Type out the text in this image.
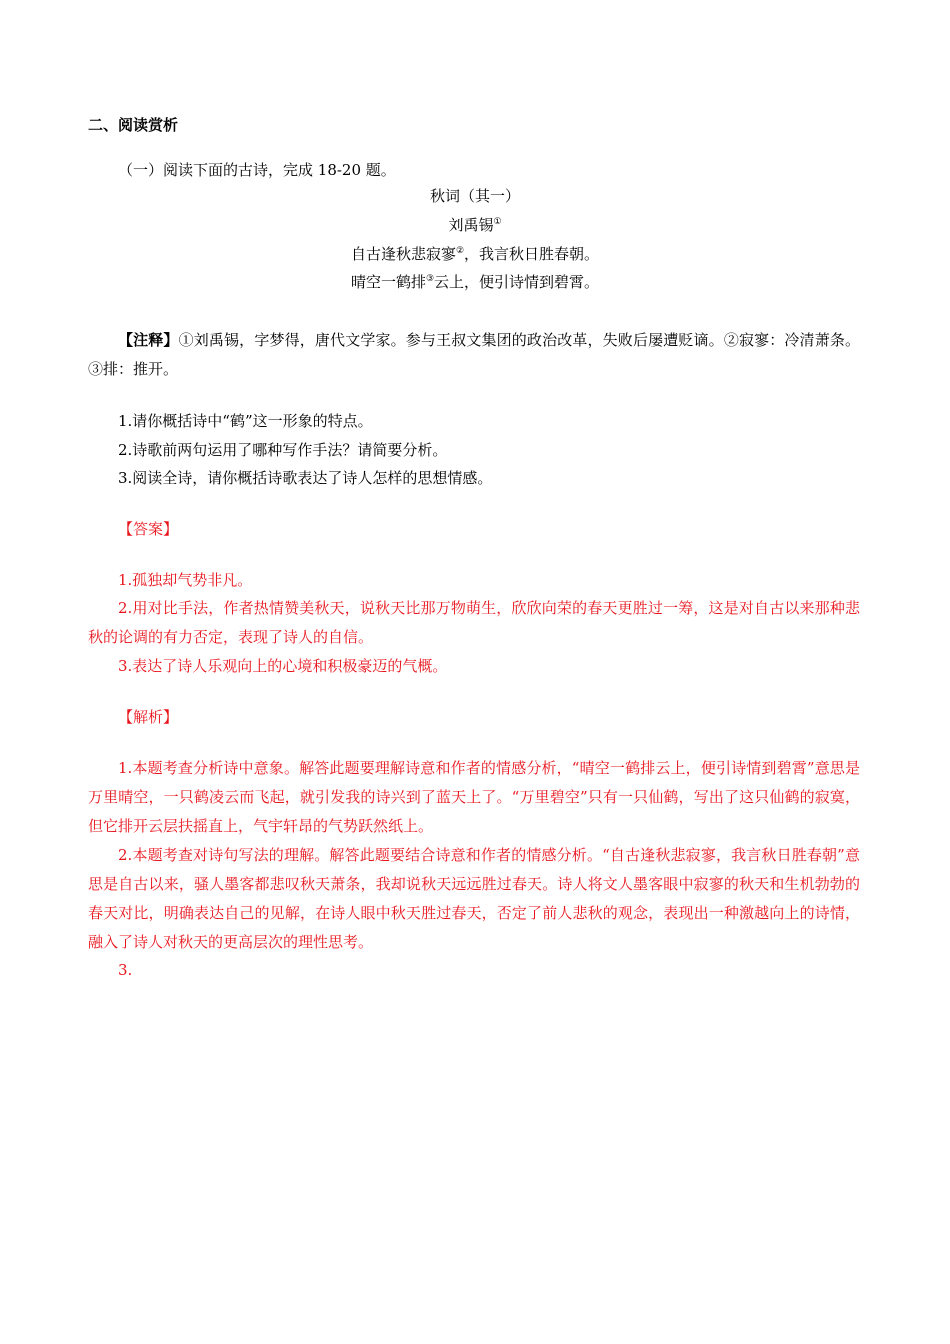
二、阅读赏析
（一）阅读下面的古诗，完成 18-20 题。
秋词（其一）
刘禹锡①
自古逢秋悲寂寥②，我言秋日胜春朝。
晴空一鹤排③云上，便引诗情到碧霄。
【注释】①刘禹锡，字梦得，唐代文学家。参与王叔文集团的政治改革，失败后屡遭贬谪。②寂寥：冷清萧条。③排：推开。
1.请你概括诗中“鹤”这一形象的特点。
2.诗歌前两句运用了哪种写作手法？请简要分析。
3.阅读全诗，请你概括诗歌表达了诗人怎样的思想情感。
【答案】
1.孤独却气势非凡。
2.用对比手法，作者热情赞美秋天，说秋天比那万物萌生，欣欣向荣的春天更胜过一筹，这是对自古以来那种悲秋的论调的有力否定，表现了诗人的自信。
3.表达了诗人乐观向上的心境和积极豪迈的气概。
【解析】
1.本题考查分析诗中意象。解答此题要理解诗意和作者的情感分析，“晴空一鹤排云上，便引诗情到碧霄”意思是万里晴空，一只鹤凌云而飞起，就引发我的诗兴到了蓝天上了。“万里碧空”只有一只仙鹤，写出了这只仙鹤的寂寞，但它排开云层扶摇直上，气宇轩昂的气势跃然纸上。
2.本题考查对诗句写法的理解。解答此题要结合诗意和作者的情感分析。“自古逢秋悲寂寥，我言秋日胜春朝”意思是自古以来，骚人墨客都悲叹秋天萧条，我却说秋天远远胜过春天。诗人将文人墨客眼中寂寥的秋天和生机勃勃的春天对比，明确表达自己的见解，在诗人眼中秋天胜过春天，否定了前人悲秋的观念，表现出一种激越向上的诗情，融入了诗人对秋天的更高层次的理性思考。
3.
